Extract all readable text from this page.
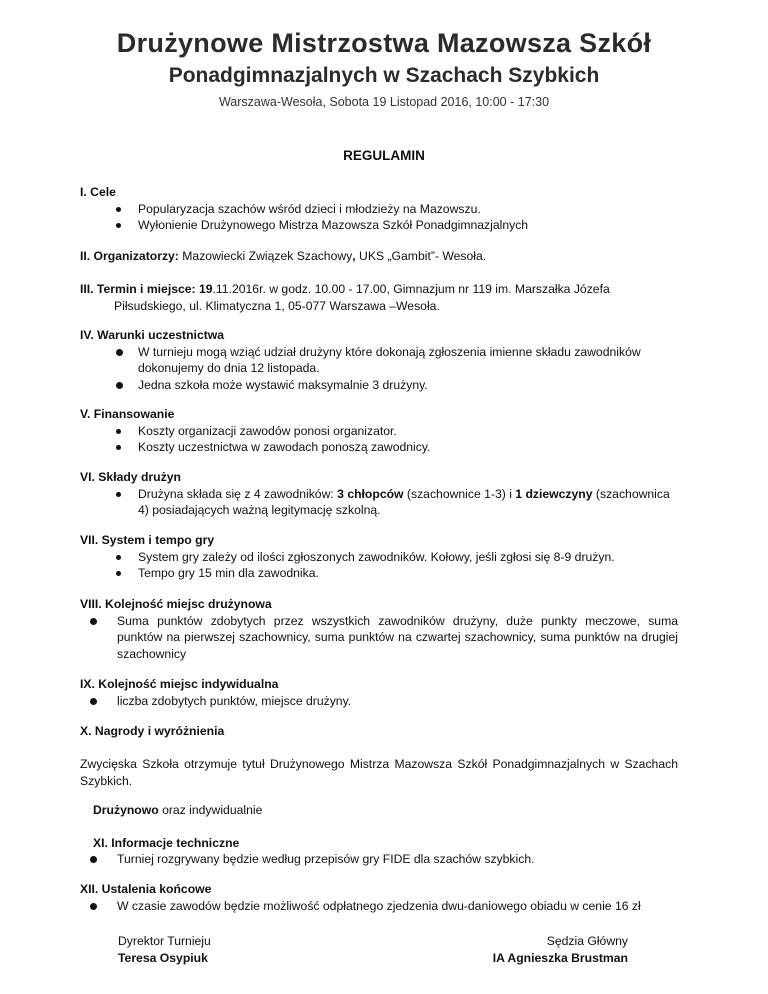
Drużynowe Mistrzostwa Mazowsza Szkół
Ponadgimnazjalnych w Szachach Szybkich
Warszawa-Wesoła, Sobota 19 Listopad 2016, 10:00 - 17:30
REGULAMIN
I. Cele
Popularyzacja szachów wśród dzieci i młodzieży na Mazowszu.
Wyłonienie Drużynowego Mistrza Mazowsza Szkół Ponadgimnazjalnych
II. Organizatorzy: Mazowiecki Związek Szachowy, UKS „Gambit”- Wesoła.
III. Termin i miejsce: 19.11.2016r. w godz. 10.00 - 17.00, Gimnazjum nr 119 im. Marszałka Józefa
Piłsudskiego, ul. Klimatyczna 1, 05-077 Warszawa –Wesoła.
IV. Warunki uczestnictwa
W turnieju mogą wziąć udział drużyny które dokonają zgłoszenia imienne składu zawodników dokonujemy do dnia 12 listopada.
Jedna szkoła może wystawić maksymalnie 3 drużyny.
V. Finansowanie
Koszty organizacji zawodów ponosi organizator.
Koszty uczestnictwa w zawodach ponoszą zawodnicy.
VI. Składy drużyn
Drużyna składa się z 4 zawodników: 3 chłopców (szachownice 1-3) i 1 dziewczyny (szachownica 4) posiadających ważną legitymację szkolną.
VII. System i tempo gry
System gry zależy od ilości zgłoszonych zawodników. Kołowy, jeśli zgłosi się 8-9 drużyn.
Tempo gry 15 min dla zawodnika.
VIII. Kolejność miejsc drużynowa
Suma punktów zdobytych przez wszystkich zawodników drużyny, duże punkty meczowe, suma punktów na pierwszej szachownicy, suma punktów na czwartej szachownicy, suma punktów na drugiej szachownicy
IX. Kolejność miejsc indywidualna
liczba zdobytych punktów, miejsce drużyny.
X. Nagrody i wyróżnienia
Zwycięska Szkoła otrzymuje tytuł Drużynowego Mistrza Mazowsza Szkół Ponadgimnazjalnych w Szachach Szybkich.
Drużynowo oraz indywidualnie
XI. Informacje techniczne
Turniej rozgrywany będzie według przepisów gry FIDE dla szachów szybkich.
XII. Ustalenia końcowe
W czasie zawodów będzie możliwość odpłatnego zjedzenia dwu-daniowego obiadu w cenie 16 zł
Dyrektor Turnieju
Teresa Osypiuk
Sędzia Główny
IA Agnieszka Brustman
